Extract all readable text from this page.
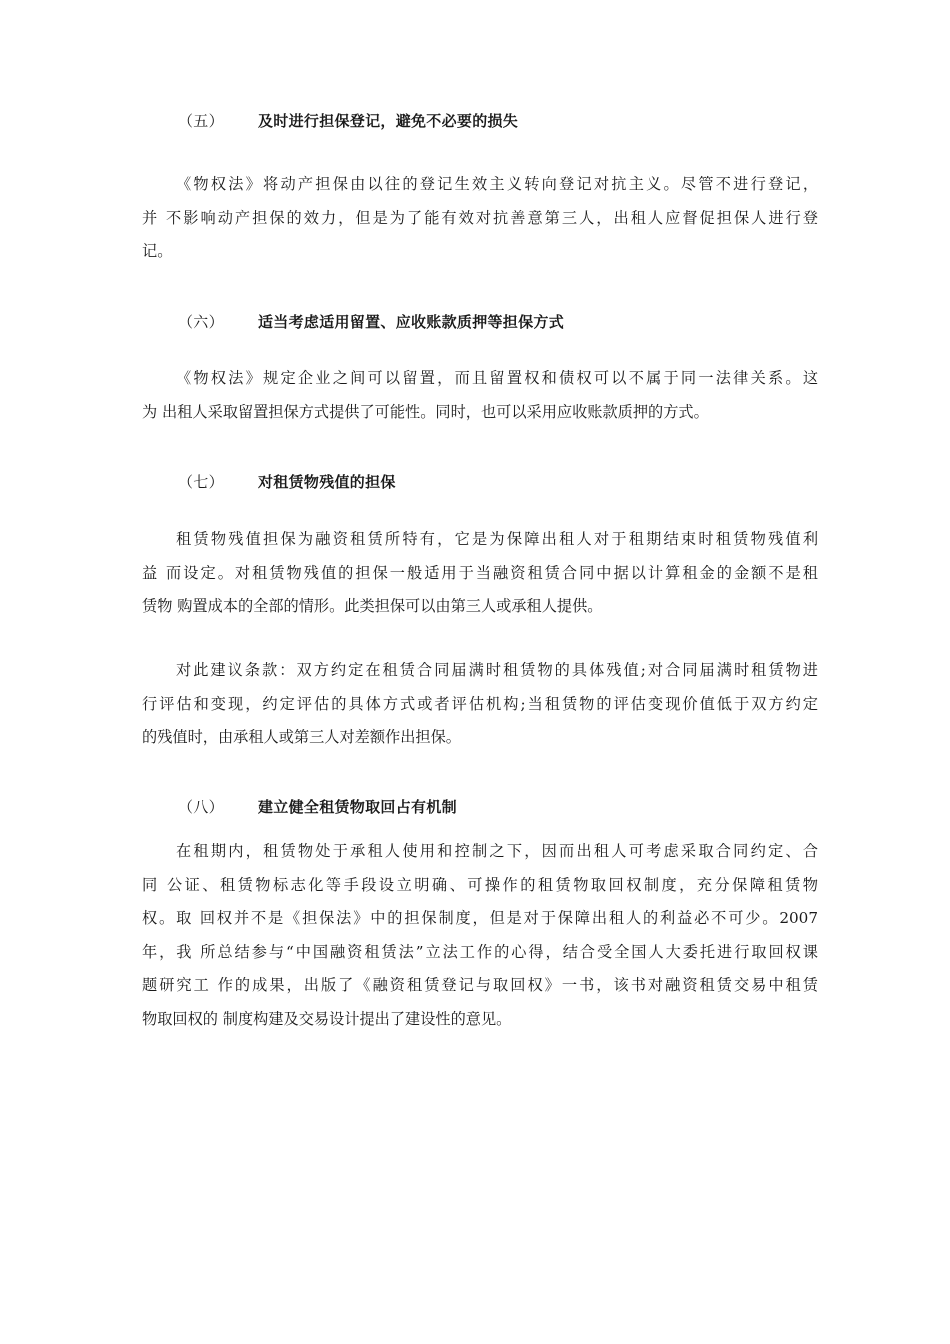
（五） 及时进行担保登记，避免不必要的损失
《物权法》将动产担保由以往的登记生效主义转向登记对抗主义。尽管不进行登记，
并 不影响动产担保的效力，但是为了能有效对抗善意第三人，出租人应督促担保人进行登
记。
（六） 适当考虑适用留置、应收账款质押等担保方式
《物权法》规定企业之间可以留置，而且留置权和债权可以不属于同一法律关系。这
为 出租人采取留置担保方式提供了可能性。同时，也可以采用应收账款质押的方式。
（七） 对租赁物残值的担保
租赁物残值担保为融资租赁所特有，它是为保障出租人对于租期结束时租赁物残值利
益 而设定。对租赁物残值的担保一般适用于当融资租赁合同中据以计算租金的金额不是租
赁物 购置成本的全部的情形。此类担保可以由第三人或承租人提供。
对此建议条款：双方约定在租赁合同届满时租赁物的具体残值;对合同届满时租赁物进
行评估和变现，约定评估的具体方式或者评估机构;当租赁物的评估变现价值低于双方约定
的残值时，由承租人或第三人对差额作出担保。
（八） 建立健全租赁物取回占有机制
在租期内，租赁物处于承租人使用和控制之下，因而出租人可考虑采取合同约定、合
同 公证、租赁物标志化等手段设立明确、可操作的租赁物取回权制度，充分保障租赁物
权。取 回权并不是《担保法》中的担保制度，但是对于保障出租人的利益必不可少。2007
年，我 所总结参与“中国融资租赁法”立法工作的心得，结合受全国人大委托进行取回权课
题研究工 作的成果，出版了《融资租赁登记与取回权》一书，该书对融资租赁交易中租赁
物取回权的 制度构建及交易设计提出了建设性的意见。
